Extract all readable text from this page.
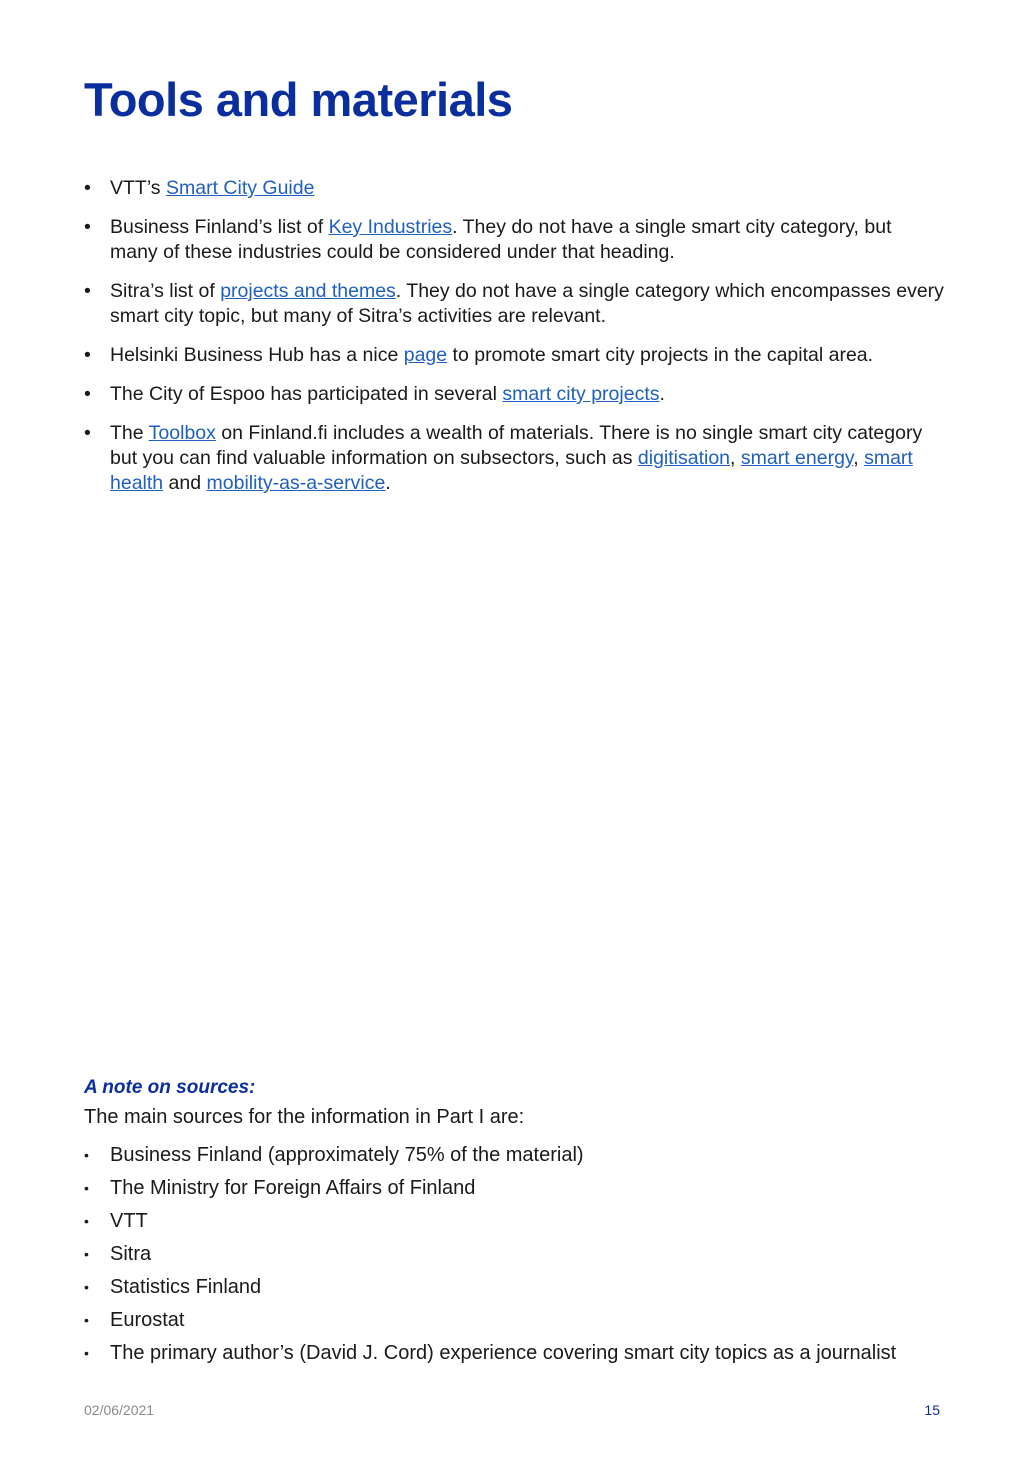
Tools and materials
• VTT’s Smart City Guide
• Business Finland’s list of Key Industries. They do not have a single smart city category, but many of these industries could be considered under that heading.
• Sitra’s list of projects and themes. They do not have a single category which encompasses every smart city topic, but many of Sitra’s activities are relevant.
• Helsinki Business Hub has a nice page to promote smart city projects in the capital area.
• The City of Espoo has participated in several smart city projects.
• The Toolbox on Finland.fi includes a wealth of materials. There is no single smart city category but you can find valuable information on subsectors, such as digitisation, smart energy, smart health and mobility-as-a-service.

A note on sources:

The main sources for the information in Part I are:

• Business Finland (approximately 75% of the material)
• The Ministry for Foreign Affairs of Finland
• VTT
• Sitra
• Statistics Finland
• Eurostat
• The primary author’s (David J. Cord) experience covering smart city topics as a journalist
02/06/2021	15
